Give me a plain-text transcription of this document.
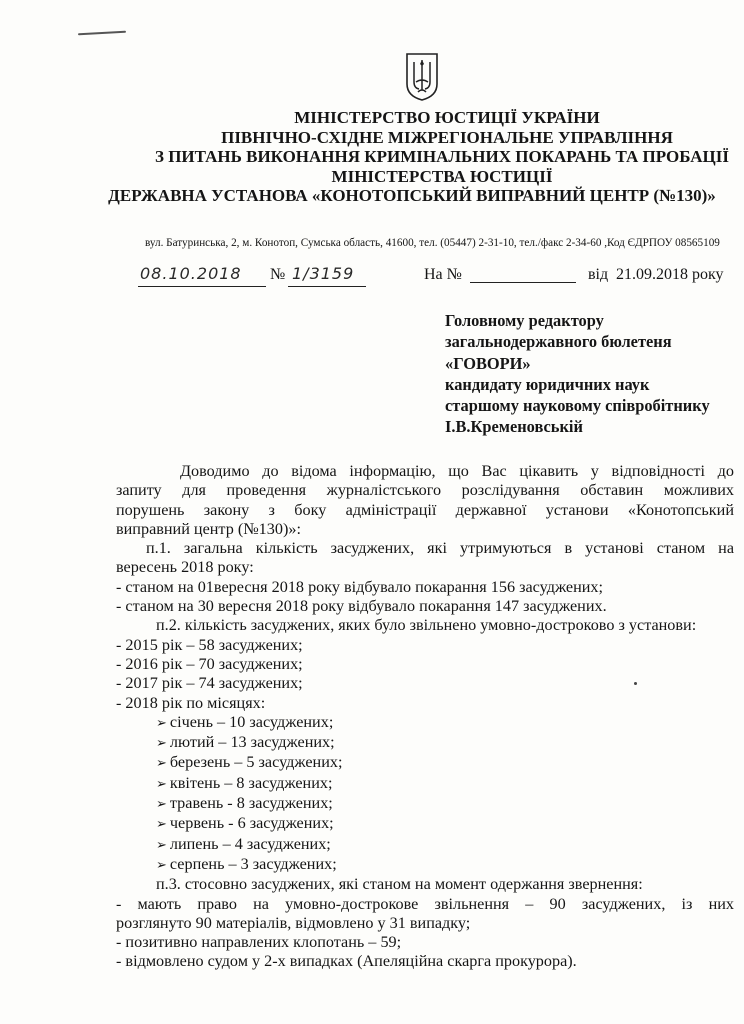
МІНІСТЕРСТВО ЮСТИЦІЇ УКРАЇНИ
ПІВНІЧНО-СХІДНЕ МІЖРЕГІОНАЛЬНЕ УПРАВЛІННЯ
З ПИТАНЬ ВИКОНАННЯ КРИМІНАЛЬНИХ ПОКАРАНЬ ТА ПРОБАЦІЇ
МІНІСТЕРСТВА ЮСТИЦІЇ
ДЕРЖАВНА УСТАНОВА «КОНОТОПСЬКИЙ ВИПРАВНИЙ ЦЕНТР (№130)»
вул. Батуринська, 2, м. Конотоп, Сумська область, 41600, тел. (05447) 2-31-10, тел./факс 2-34-60 ,Код ЄДРПОУ 08565109
08.10.2018 № 1/3159	На №	від 21.09.2018 року
Головному редактору
загальнодержавного бюлетеня
«ГОВОРИ»
кандидату юридичних наук
старшому науковому співробітнику
І.В.Кременовській
Доводимо до відома інформацію, що Вас цікавить у відповідності до
запиту для проведення журналістського розслідування обставин можливих
порушень закону з боку адміністрації державної установи «Конотопський
виправний центр (№130)»:
п.1. загальна кількість засуджених, які утримуються в установі станом на
вересень 2018 року:
- станом на 01вересня 2018 року відбувало покарання 156 засуджених;
- станом на 30 вересня 2018 року відбувало покарання 147 засуджених.
п.2. кількість засуджених, яких було звільнено умовно-достроково з установи:
- 2015 рік – 58 засуджених;
- 2016 рік – 70 засуджених;
- 2017 рік – 74 засуджених;
- 2018 рік по місяцях:
➢ січень – 10 засуджених;
➢ лютий – 13 засуджених;
➢ березень – 5 засуджених;
➢ квітень – 8 засуджених;
➢ травень - 8 засуджених;
➢ червень - 6 засуджених;
➢ липень – 4 засуджених;
➢ серпень – 3 засуджених;
п.3. стосовно засуджених, які станом на момент одержання звернення:
- мають право на умовно-дострокове звільнення – 90 засуджених, із них
розглянуто 90 матеріалів, відмовлено у 31 випадку;
- позитивно направлених клопотань – 59;
- відмовлено судом у 2-х випадках (Апеляційна скарга прокурора).
